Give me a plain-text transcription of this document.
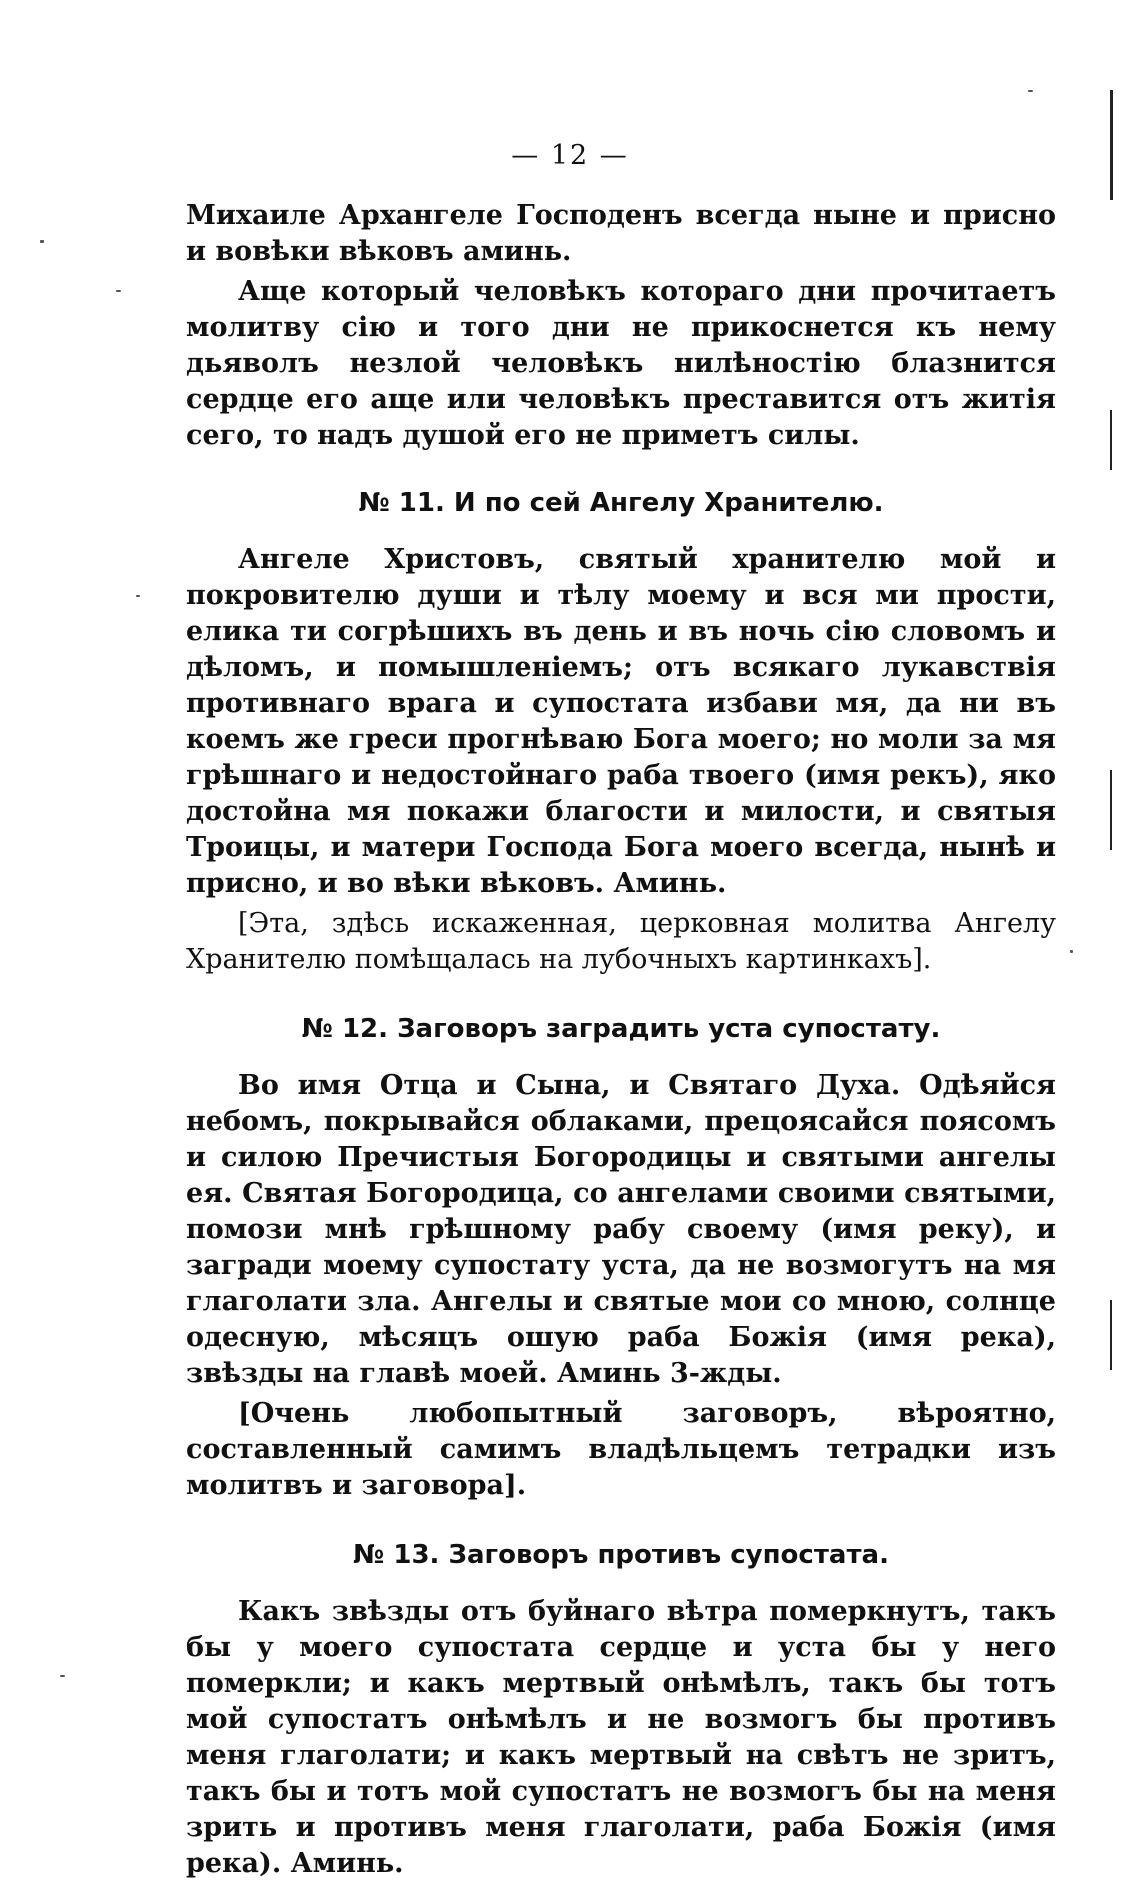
— 12 —

Михаиле Архангеле Господенъ всегда ныне и присно и вовѣки вѣковъ аминь.

Аще который человѣкъ котораго дни прочитаетъ молитву сiю и того дни не прикоснется къ нему дьяволъ незлой человѣкъ нилѣностiю блазнится сердце его аще или человѣкъ преставится отъ житiя сего, то надъ душой его не приметъ силы.

№ 11. И по сей Ангелу Хранителю.

Ангеле Христовъ, святый хранителю мой и покровителю души и тѣлу моему и вся ми прости, елика ти согрѣшихъ въ день и въ ночь сiю словомъ и дѣломъ, и помышленiемъ; отъ всякаго лукавствiя противнаго врага и супостата избави мя, да ни въ коемъ же греси прогнѣваю Бога моего; но моли за мя грѣшнаго и недостойнаго раба твоего (имя рекъ), яко достойна мя покажи благости и милости, и святыя Троицы, и матери Господа Бога моего всегда, нынѣ и присно, и во вѣки вѣковъ. Аминь.

[Эта, здѣсь искаженная, церковная молитва Ангелу Хранителю помѣщалась на лубочныхъ картинкахъ].

№ 12. Заговоръ заградить уста супостату.

Во имя Отца и Сына, и Святаго Духа. Одѣяйся небомъ, покрывайся облаками, прецоясайся поясомъ и силою Пречистыя Богородицы и святыми ангелы ея. Святая Богородица, со ангелами своими святыми, помози мнѣ грѣшному рабу своему (имя реку), и загради моему супостату уста, да не возмогутъ на мя глаголати зла. Ангелы и святые мои со мною, солнце одесную, мѣсяцъ ошую раба Божiя (имя река), звѣзды на главѣ моей. Аминь 3-жды.

[Очень любопытный заговоръ, вѣроятно, составленный самимъ владѣльцемъ тетрадки изъ молитвъ и заговора].

№ 13. Заговоръ противъ супостата.

Какъ звѣзды отъ буйнаго вѣтра померкнутъ, такъ бы у моего супостата сердце и уста бы у него померкли; и какъ мертвый онѣмѣлъ, такъ бы тотъ мой супостатъ онѣмѣлъ и не возмогъ бы противъ меня глаголати; и какъ мертвый на свѣтъ не зритъ, такъ бы и тотъ мой супостатъ не возмогъ бы на меня зрить и противъ меня глаголати, раба Божiя (имя река). Аминь.
